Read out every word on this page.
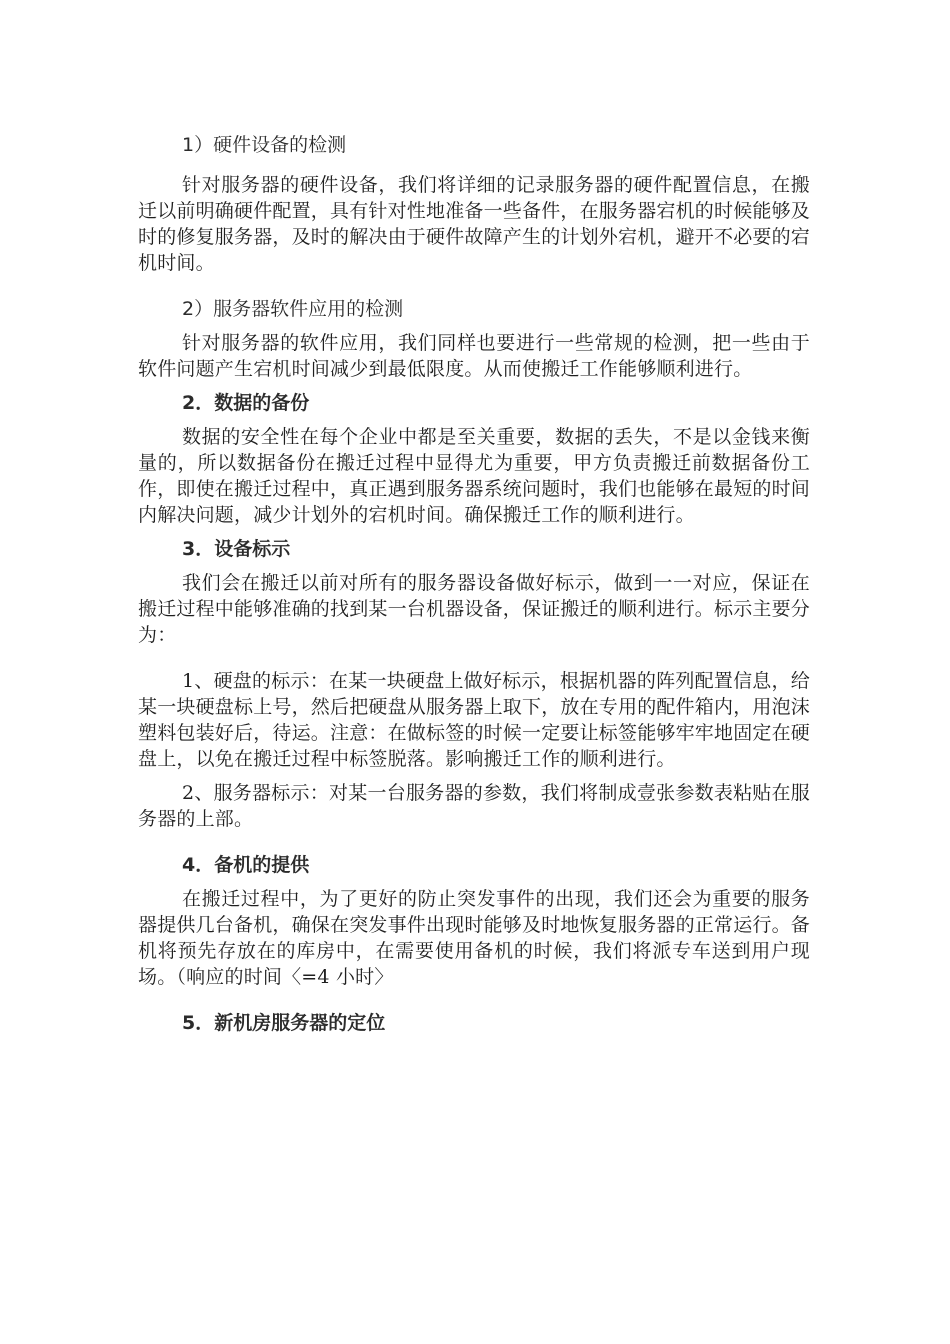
1）硬件设备的检测

针对服务器的硬件设备，我们将详细的记录服务器的硬件配置信息，在搬迁以前明确硬件配置，具有针对性地准备一些备件，在服务器宕机的时候能够及时的修复服务器，及时的解决由于硬件故障产生的计划外宕机，避开不必要的宕机时间。

2）服务器软件应用的检测

针对服务器的软件应用，我们同样也要进行一些常规的检测，把一些由于软件问题产生宕机时间减少到最低限度。从而使搬迁工作能够顺利进行。

2．数据的备份

数据的安全性在每个企业中都是至关重要，数据的丢失，不是以金钱来衡量的，所以数据备份在搬迁过程中显得尤为重要，甲方负责搬迁前数据备份工作，即使在搬迁过程中，真正遇到服务器系统问题时，我们也能够在最短的时间内解决问题，减少计划外的宕机时间。确保搬迁工作的顺利进行。

3．设备标示

我们会在搬迁以前对所有的服务器设备做好标示，做到一一对应，保证在搬迁过程中能够准确的找到某一台机器设备，保证搬迁的顺利进行。标示主要分为：

1、硬盘的标示：在某一块硬盘上做好标示，根据机器的阵列配置信息，给某一块硬盘标上号，然后把硬盘从服务器上取下，放在专用的配件箱内，用泡沫塑料包装好后，待运。注意：在做标签的时候一定要让标签能够牢牢地固定在硬盘上，以免在搬迁过程中标签脱落。影响搬迁工作的顺利进行。

2、服务器标示：对某一台服务器的参数，我们将制成壹张参数表粘贴在服务器的上部。

4．备机的提供

在搬迁过程中，为了更好的防止突发事件的出现，我们还会为重要的服务器提供几台备机，确保在突发事件出现时能够及时地恢复服务器的正常运行。备机将预先存放在的库房中，在需要使用备机的时候，我们将派专车送到用户现场。（响应的时间〈=4 小时〉

5．新机房服务器的定位
